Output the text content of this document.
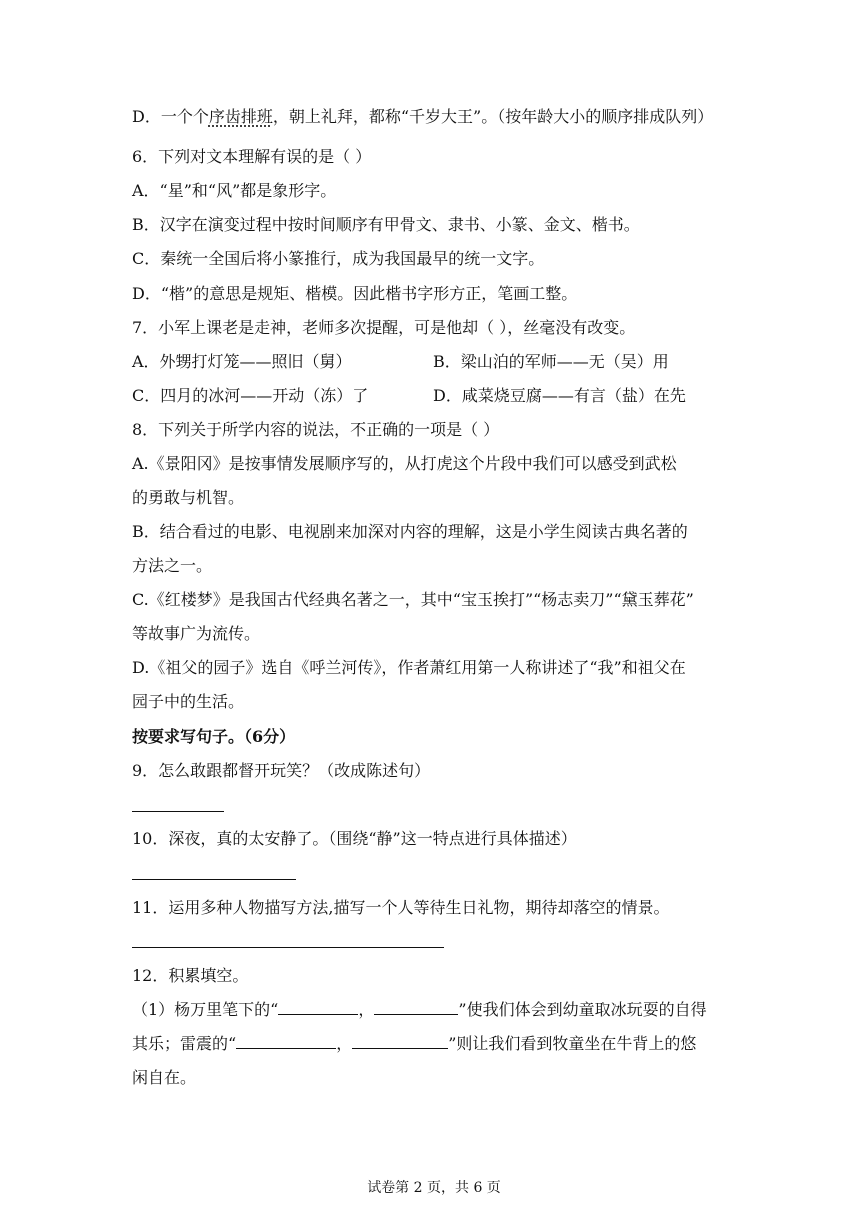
D．一个个序齿排班，朝上礼拜，都称“千岁大王”。（按年龄大小的顺序排成队列）
6．下列对文本理解有误的是（ ）
A．“星”和“风”都是象形字。
B．汉字在演变过程中按时间顺序有甲骨文、隶书、小篆、金文、楷书。
C．秦统一全国后将小篆推行，成为我国最早的统一文字。
D．“楷”的意思是规矩、楷模。因此楷书字形方正，笔画工整。
7．小军上课老是走神，老师多次提醒，可是他却（ ），丝毫没有改变。
A．外甥打灯笼——照旧（舅）	B．梁山泊的军师——无（吴）用
C．四月的冰河——开动（冻）了	D．咸菜烧豆腐——有言（盐）在先
8．下列关于所学内容的说法，不正确的一项是（ ）
A.《景阳冈》是按事情发展顺序写的，从打虎这个片段中我们可以感受到武松
的勇敢与机智。
B．结合看过的电影、电视剧来加深对内容的理解，这是小学生阅读古典名著的
方法之一。
C.《红楼梦》是我国古代经典名著之一，其中“宝玉挨打”“杨志卖刀”“黛玉葬花”
等故事广为流传。
D.《祖父的园子》选自《呼兰河传》，作者萧红用第一人称讲述了“我”和祖父在
园子中的生活。
按要求写句子。（6分）
9．怎么敢跟都督开玩笑？（改成陈述句）
10．深夜，真的太安静了。（围绕“静”这一特点进行具体描述）
11．运用多种人物描写方法,描写一个人等待生日礼物，期待却落空的情景。
12．积累填空。
（1）杨万里笔下的“	，	”使我们体会到幼童取冰玩耍的自得
其乐；雷震的“	，	”则让我们看到牧童坐在牛背上的悠
闲自在。
试卷第 2 页，共 6 页
